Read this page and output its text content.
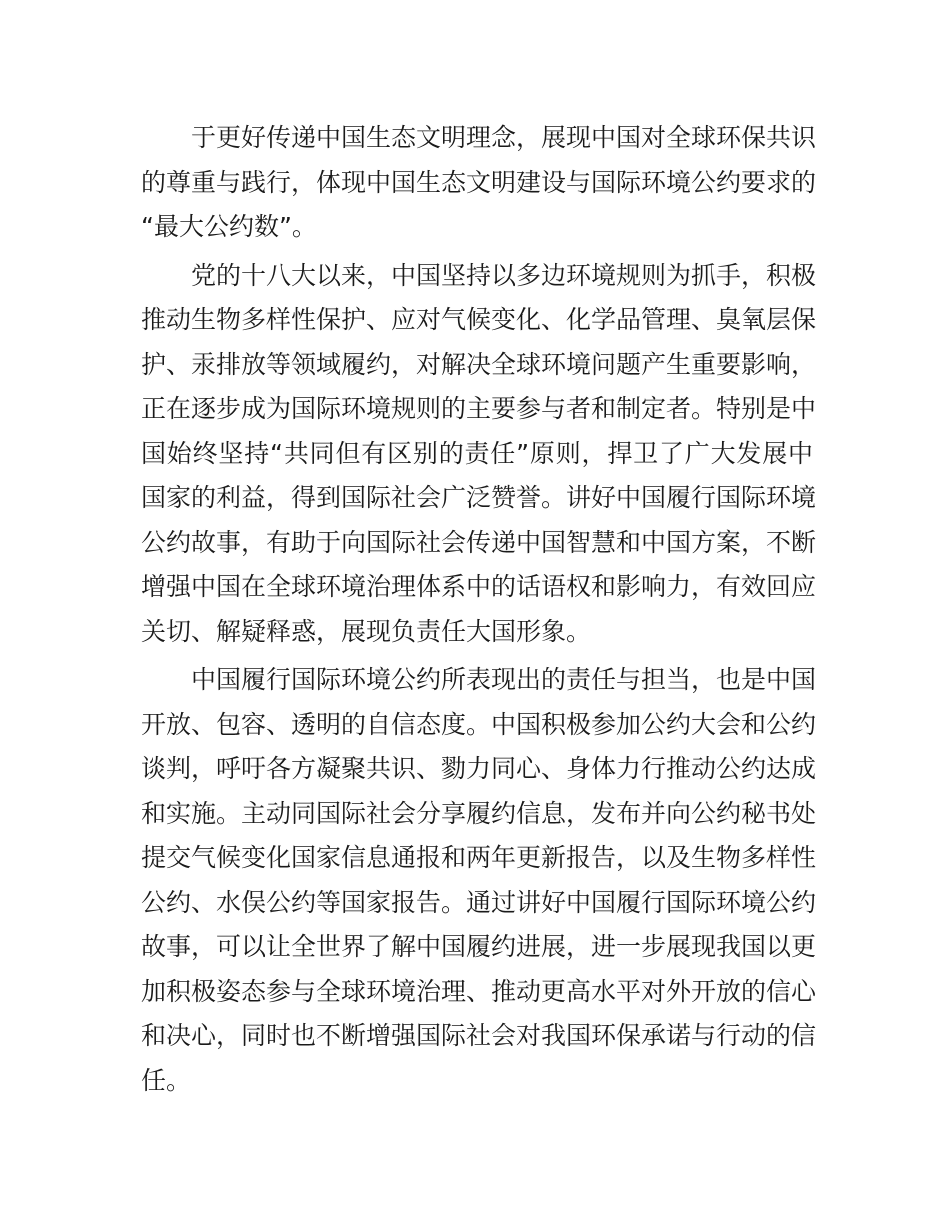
于更好传递中国生态文明理念，展现中国对全球环保共识
的尊重与践行，体现中国生态文明建设与国际环境公约要求的
“最大公约数”。
党的十八大以来，中国坚持以多边环境规则为抓手，积极
推动生物多样性保护、应对气候变化、化学品管理、臭氧层保
护、汞排放等领域履约，对解决全球环境问题产生重要影响，
正在逐步成为国际环境规则的主要参与者和制定者。特别是中
国始终坚持“共同但有区别的责任”原则，捍卫了广大发展中
国家的利益，得到国际社会广泛赞誉。讲好中国履行国际环境
公约故事，有助于向国际社会传递中国智慧和中国方案，不断
增强中国在全球环境治理体系中的话语权和影响力，有效回应
关切、解疑释惑，展现负责任大国形象。
中国履行国际环境公约所表现出的责任与担当，也是中国
开放、包容、透明的自信态度。中国积极参加公约大会和公约
谈判，呼吁各方凝聚共识、勠力同心、身体力行推动公约达成
和实施。主动同国际社会分享履约信息，发布并向公约秘书处
提交气候变化国家信息通报和两年更新报告，以及生物多样性
公约、水俣公约等国家报告。通过讲好中国履行国际环境公约
故事，可以让全世界了解中国履约进展，进一步展现我国以更
加积极姿态参与全球环境治理、推动更高水平对外开放的信心
和决心，同时也不断增强国际社会对我国环保承诺与行动的信
任。
